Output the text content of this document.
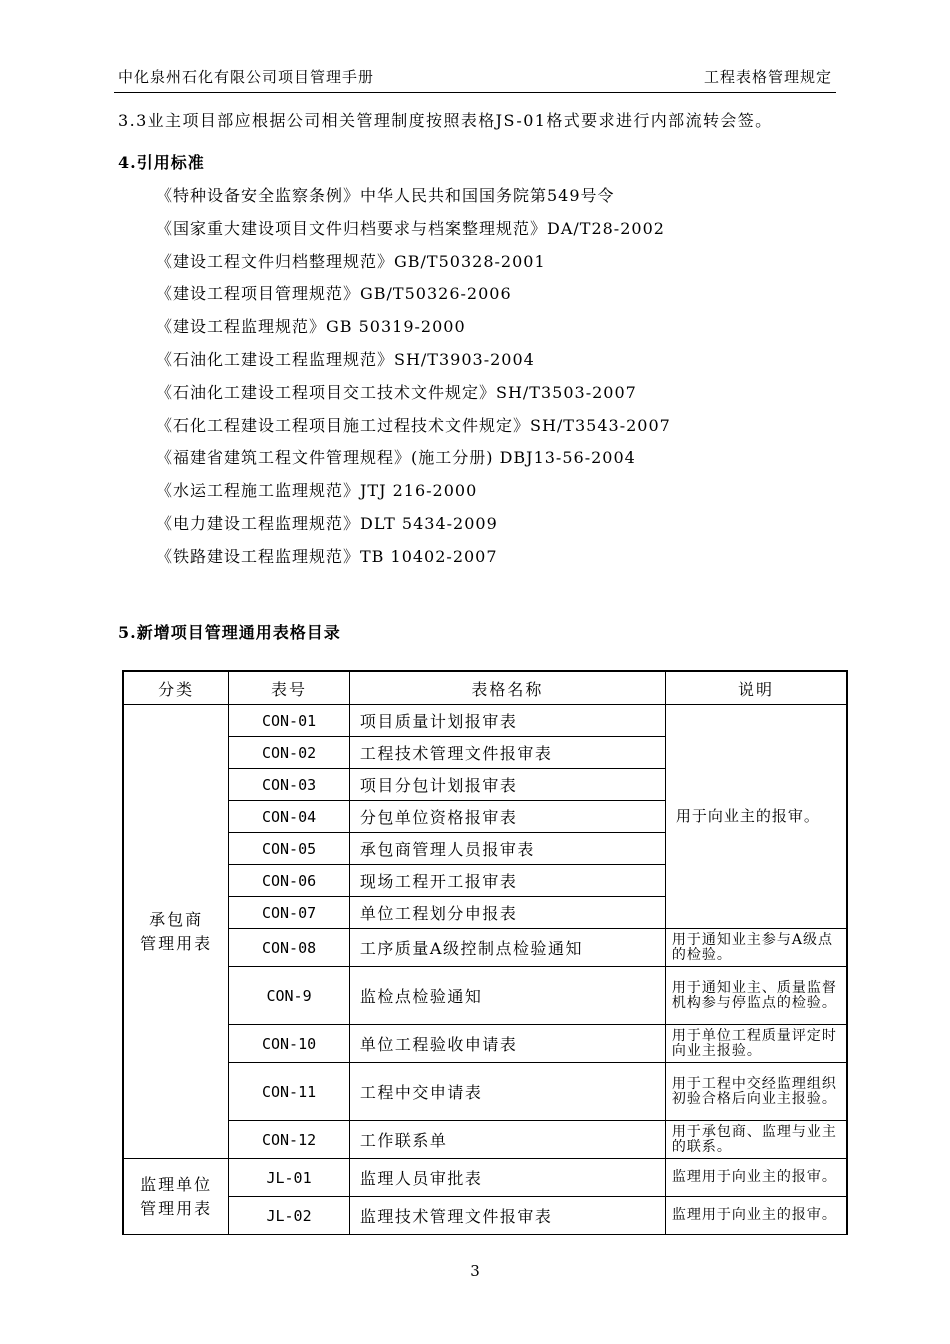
中化泉州石化有限公司项目管理手册	工程表格管理规定
3.3业主项目部应根据公司相关管理制度按照表格JS-01格式要求进行内部流转会签。
4.引用标准
《特种设备安全监察条例》中华人民共和国国务院第549号令
《国家重大建设项目文件归档要求与档案整理规范》DA/T28-2002
《建设工程文件归档整理规范》GB/T50328-2001
《建设工程项目管理规范》GB/T50326-2006
《建设工程监理规范》GB 50319-2000
《石油化工建设工程监理规范》SH/T3903-2004
《石油化工建设工程项目交工技术文件规定》SH/T3503-2007
《石化工程建设工程项目施工过程技术文件规定》SH/T3543-2007
《福建省建筑工程文件管理规程》(施工分册) DBJ13-56-2004
《水运工程施工监理规范》JTJ 216-2000
《电力建设工程监理规范》DLT 5434-2009
《铁路建设工程监理规范》TB 10402-2007
5.新增项目管理通用表格目录
分类	表号	表格名称	说明
承包商
管理用表	CON-01	项目质量计划报审表	用于向业主的报审。
	CON-02	工程技术管理文件报审表	
	CON-03	项目分包计划报审表	
	CON-04	分包单位资格报审表	
	CON-05	承包商管理人员报审表	
	CON-06	现场工程开工报审表	
	CON-07	单位工程划分申报表	
	CON-08	工序质量A级控制点检验通知	用于通知业主参与A级点的检验。
	CON-9	监检点检验通知	用于通知业主、质量监督机构参与停监点的检验。
	CON-10	单位工程验收申请表	用于单位工程质量评定时向业主报验。
	CON-11	工程中交申请表	用于工程中交经监理组织初验合格后向业主报验。
	CON-12	工作联系单	用于承包商、监理与业主的联系。
监理单位
管理用表	JL-01	监理人员审批表	监理用于向业主的报审。
	JL-02	监理技术管理文件报审表	监理用于向业主的报审。
3
